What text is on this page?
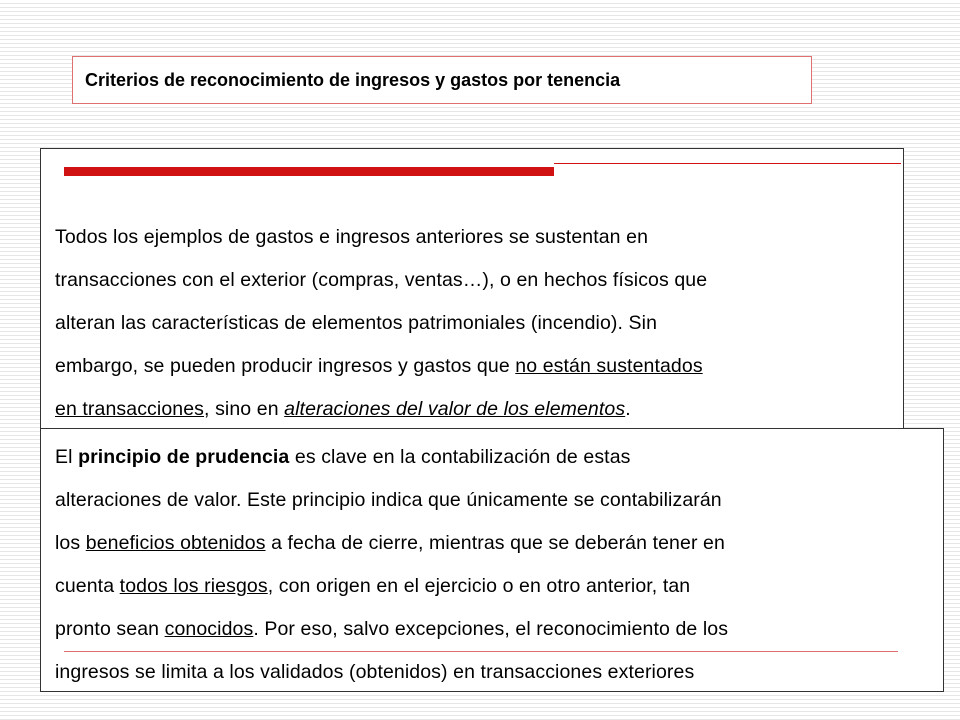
Criterios de reconocimiento de ingresos y gastos por tenencia
Todos los ejemplos de gastos e ingresos anteriores se sustentan en
transacciones con el exterior (compras, ventas…), o en hechos físicos que
alteran las características de elementos patrimoniales (incendio). Sin
embargo, se pueden producir ingresos y gastos que no están sustentados
en transacciones, sino en alteraciones del valor de los elementos.
El principio de prudencia es clave en la contabilización de estas
alteraciones de valor. Este principio indica que únicamente se contabilizarán
los beneficios obtenidos a fecha de cierre, mientras que se deberán tener en
cuenta todos los riesgos, con origen en el ejercicio o en otro anterior, tan
pronto sean conocidos. Por eso, salvo excepciones, el reconocimiento de los
ingresos se limita a los validados (obtenidos) en transacciones exteriores
